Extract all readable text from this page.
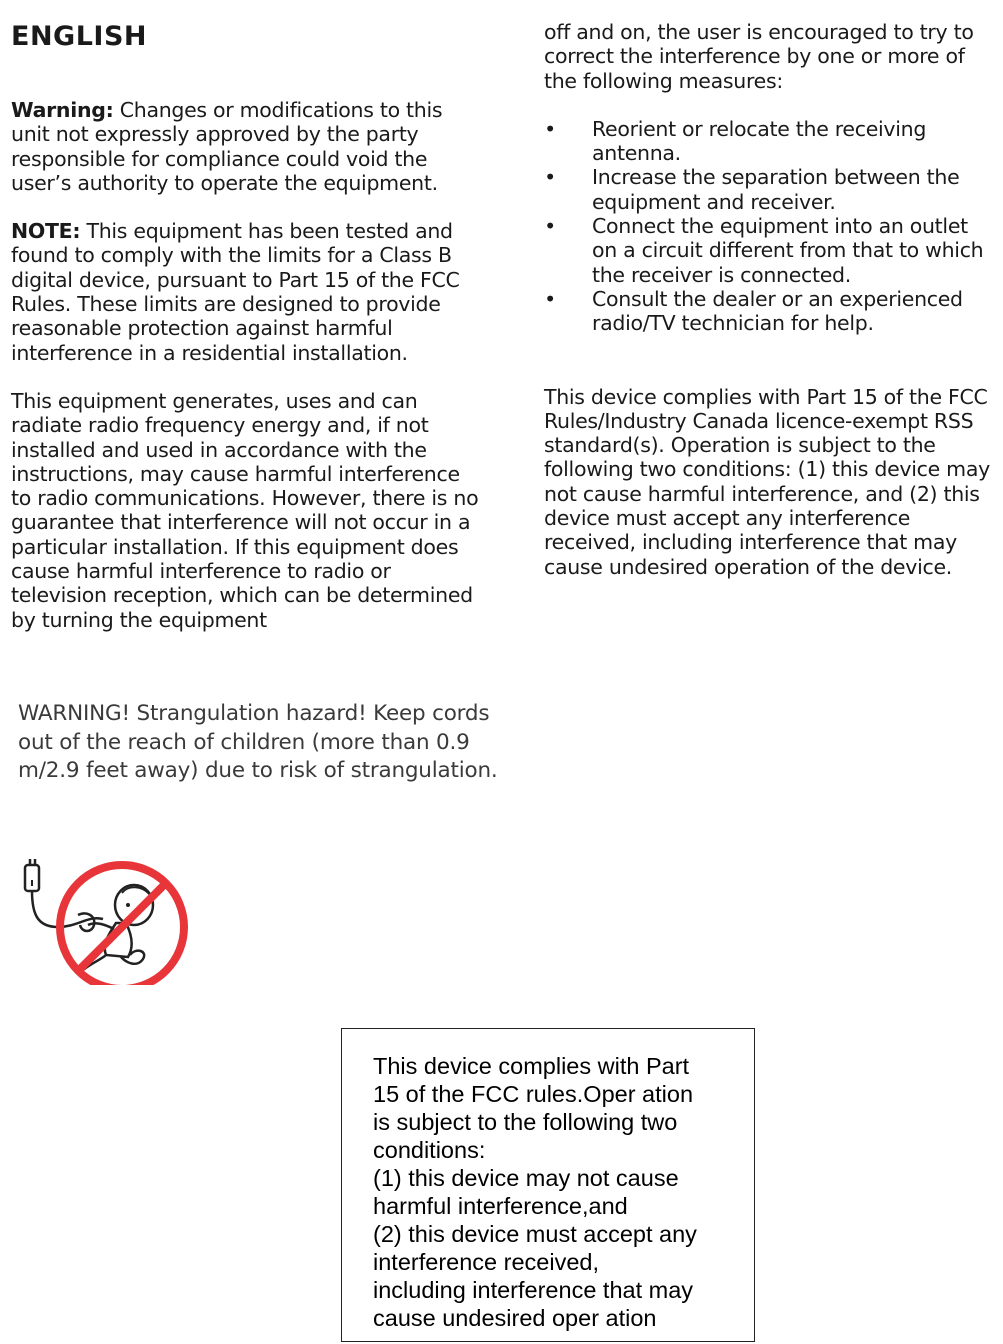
ENGLISH

Warning: Changes or modifications to this unit not expressly approved by the party responsible for compliance could void the user’s authority to operate the equipment.

NOTE: This equipment has been tested and found to comply with the limits for a Class B digital device, pursuant to Part 15 of the FCC Rules. These limits are designed to provide reasonable protection against harmful interference in a residential installation.

This equipment generates, uses and can radiate radio frequency energy and, if not installed and used in accordance with the instructions, may cause harmful interference to radio communications. However, there is no guarantee that interference will not occur in a particular installation. If this equipment does cause harmful interference to radio or television reception, which can be determined by turning the equipment

off and on, the user is encouraged to try to correct the interference by one or more of the following measures:

• Reorient or relocate the receiving antenna.
• Increase the separation between the equipment and receiver.
• Connect the equipment into an outlet on a circuit different from that to which the receiver is connected.
• Consult the dealer or an experienced radio/TV technician for help.

This device complies with Part 15 of the FCC Rules/Industry Canada licence-exempt RSS standard(s). Operation is subject to the following two conditions: (1) this device may not cause harmful interference, and (2) this device must accept any interference received, including interference that may cause undesired operation of the device.

WARNING! Strangulation hazard! Keep cords out of the reach of children (more than 0.9 m/2.9 feet away) due to risk of strangulation.
This device complies with Part
15 of the FCC rules.Oper ation
is subject to the following two
conditions:
(1) this device may not cause
harmful interference,and
(2) this device must accept any
interference received,
including interference that may
cause undesired oper ation
